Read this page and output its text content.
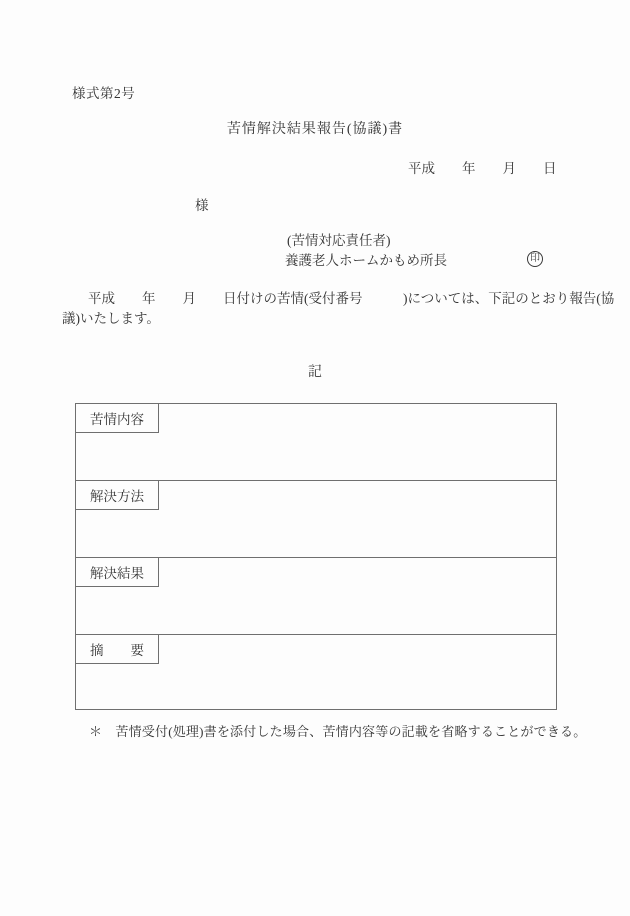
様式第2号
苦情解決結果報告(協議)書
平成　　年　　月　　日
様
(苦情対応責任者)
養護老人ホームかもめ所長	印
平成　　年　　月　　日付けの苦情(受付番号　　　)については、下記のとおり報告(協
議)いたします。
記
苦情内容
解決方法
解決結果
摘　　要
＊　苦情受付(処理)書を添付した場合、苦情内容等の記載を省略することができる。
